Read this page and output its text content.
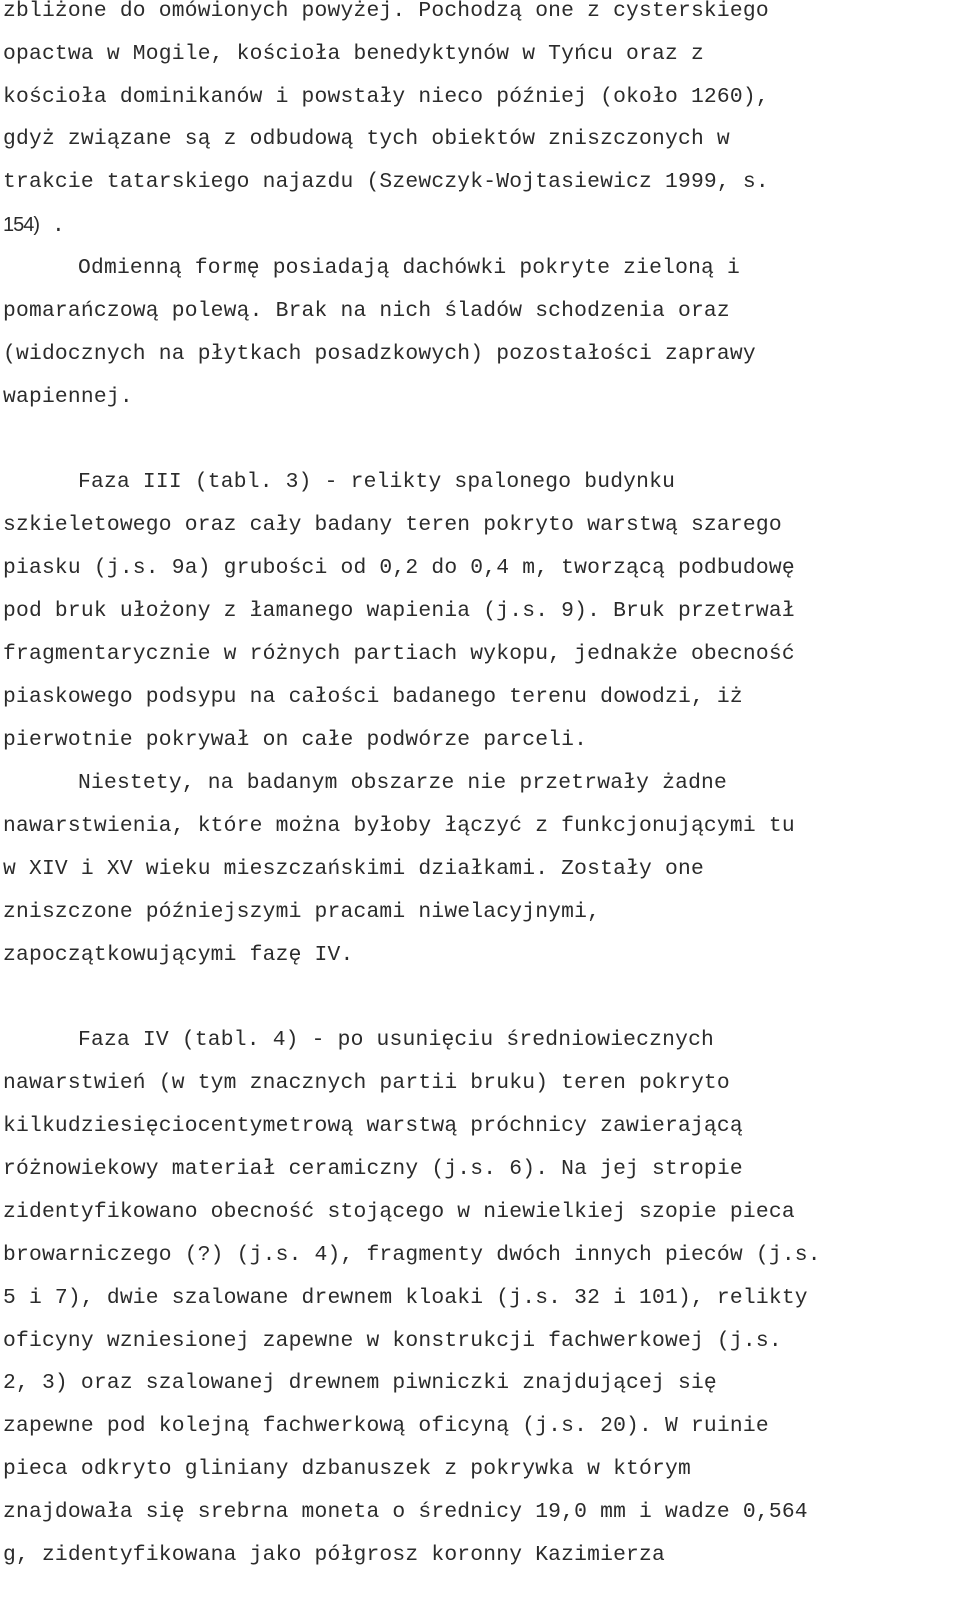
zbliżone do omówionych powyżej. Pochodzą one z cysterskiego
opactwa w Mogile, kościoła benedyktynów w Tyńcu oraz z
kościoła dominikanów i powstały nieco później (około 1260),
gdyż związane są z odbudową tych obiektów zniszczonych w
trakcie tatarskiego najazdu (Szewczyk-Wojtasiewicz 1999, s.
154) .
Odmienną formę posiadają dachówki pokryte zieloną i
pomarańczową polewą. Brak na nich śladów schodzenia oraz
(widocznych na płytkach posadzkowych) pozostałości zaprawy
wapiennej.
Faza III (tabl. 3) - relikty spalonego budynku
szkieletowego oraz cały badany teren pokryto warstwą szarego
piasku (j.s. 9a) grubości od 0,2 do 0,4 m, tworzącą podbudowę
pod bruk ułożony z łamanego wapienia (j.s. 9). Bruk przetrwał
fragmentarycznie w różnych partiach wykopu, jednakże obecność
piaskowego podsypu na całości badanego terenu dowodzi, iż
pierwotnie pokrywał on całe podwórze parceli.
Niestety, na badanym obszarze nie przetrwały żadne
nawarstwienia, które można byłoby łączyć z funkcjonującymi tu
w XIV i XV wieku mieszczańskimi działkami. Zostały one
zniszczone późniejszymi pracami niwelacyjnymi,
zapoczątkowującymi fazę IV.
Faza IV (tabl. 4) - po usunięciu średniowiecznych
nawarstwień (w tym znacznych partii bruku) teren pokryto
kilkudziesięciocentymetrową warstwą próchnicy zawierającą
różnowiekowy materiał ceramiczny (j.s. 6). Na jej stropie
zidentyfikowano obecność stojącego w niewielkiej szopie pieca
browarniczego (?) (j.s. 4), fragmenty dwóch innych pieców (j.s.
5 i 7), dwie szalowane drewnem kloaki (j.s. 32 i 101), relikty
oficyny wzniesionej zapewne w konstrukcji fachwerkowej (j.s.
2, 3) oraz szalowanej drewnem piwniczki znajdującej się
zapewne pod kolejną fachwerkową oficyną (j.s. 20). W ruinie
pieca odkryto gliniany dzbanuszek z pokrywka w którym
znajdowała się srebrna moneta o średnicy 19,0 mm i wadze 0,564
g, zidentyfikowana jako półgrosz koronny Kazimierza
